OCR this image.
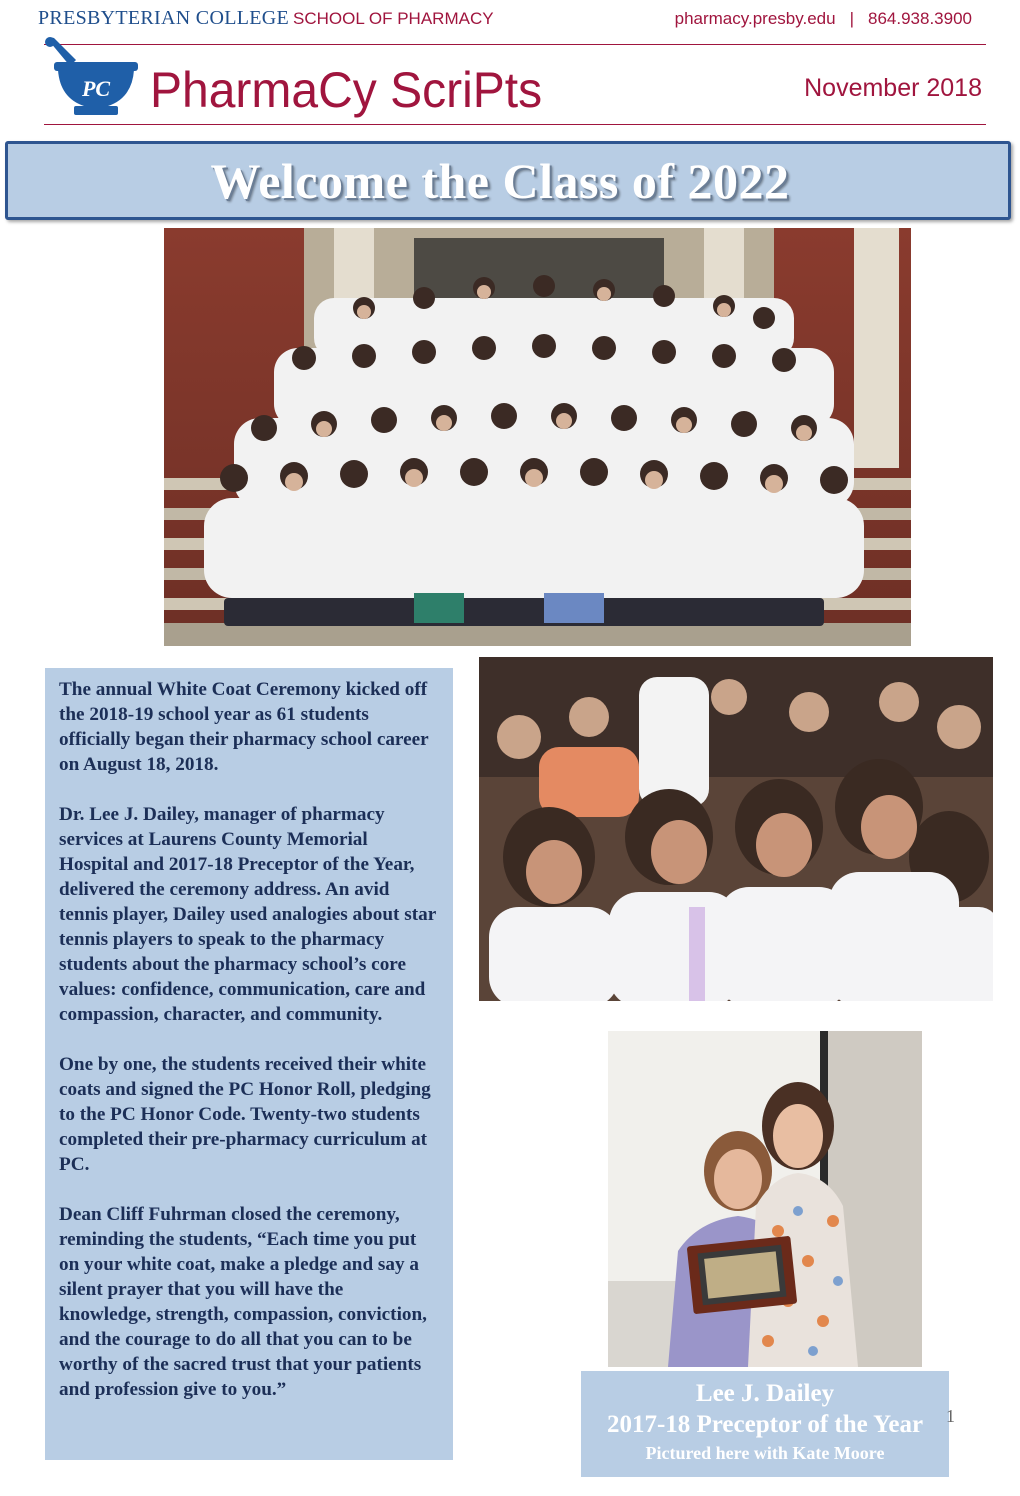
PRESBYTERIAN COLLEGE SCHOOL OF PHARMACY	pharmacy.presby.edu | 864.938.3900
PC PharmaCy ScriPts	November 2018
Welcome the Class of 2022

The annual White Coat Ceremony kicked off the 2018-19 school year as 61 students officially began their pharmacy school career on August 18, 2018.

Dr. Lee J. Dailey, manager of pharmacy services at Laurens County Memorial Hospital and 2017-18 Preceptor of the Year, delivered the ceremony address. An avid tennis player, Dailey used analogies about star tennis players to speak to the pharmacy students about the pharmacy school’s core values: confidence, communication, care and compassion, character, and community.

One by one, the students received their white coats and signed the PC Honor Roll, pledging to the PC Honor Code. Twenty-two students completed their pre-pharmacy curriculum at PC.

Dean Cliff Fuhrman closed the ceremony, reminding the students, “Each time you put on your white coat, make a pledge and say a silent prayer that you will have the knowledge, strength, compassion, conviction, and the courage to do all that you can to be worthy of the sacred trust that your patients and profession give to you.”	Lee J. Dailey
2017-18 Preceptor of the Year
Pictured here with Kate Moore
1
